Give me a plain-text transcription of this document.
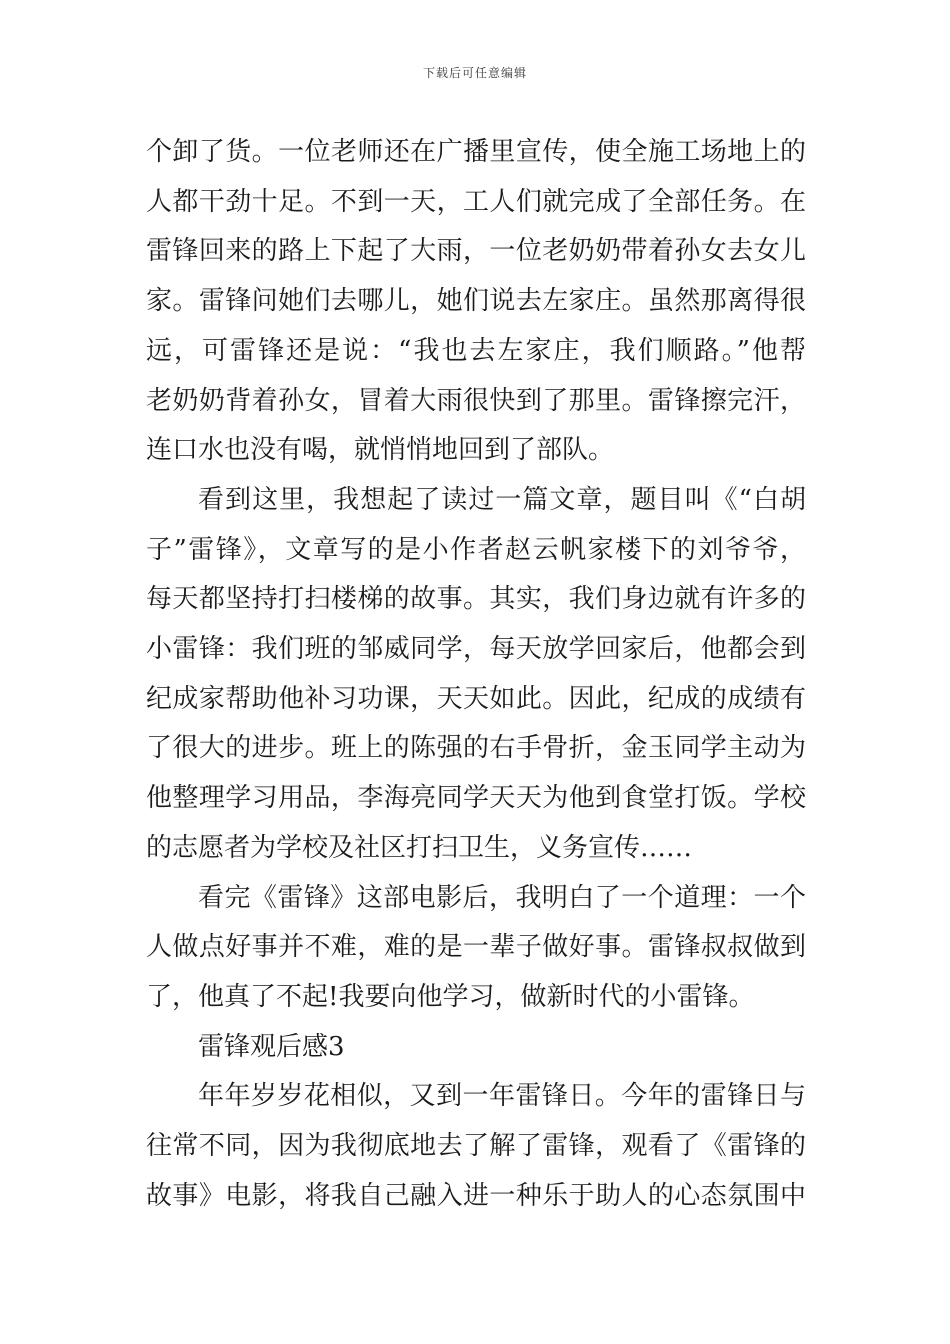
下载后可任意编辑
个卸了货。一位老师还在广播里宣传，使全施工场地上的
人都干劲十足。不到一天，工人们就完成了全部任务。在
雷锋回来的路上下起了大雨，一位老奶奶带着孙女去女儿
家。雷锋问她们去哪儿，她们说去左家庄。虽然那离得很
远，可雷锋还是说：“我也去左家庄，我们顺路。”他帮
老奶奶背着孙女，冒着大雨很快到了那里。雷锋擦完汗，
连口水也没有喝，就悄悄地回到了部队。
看到这里，我想起了读过一篇文章，题目叫《“白胡
子”雷锋》，文章写的是小作者赵云帆家楼下的刘爷爷，
每天都坚持打扫楼梯的故事。其实，我们身边就有许多的
小雷锋：我们班的邹威同学，每天放学回家后，他都会到
纪成家帮助他补习功课，天天如此。因此，纪成的成绩有
了很大的进步。班上的陈强的右手骨折，金玉同学主动为
他整理学习用品，李海亮同学天天为他到食堂打饭。学校
的志愿者为学校及社区打扫卫生，义务宣传……
看完《雷锋》这部电影后，我明白了一个道理：一个
人做点好事并不难，难的是一辈子做好事。雷锋叔叔做到
了，他真了不起!我要向他学习，做新时代的小雷锋。
雷锋观后感3
年年岁岁花相似，又到一年雷锋日。今年的雷锋日与
往常不同，因为我彻底地去了解了雷锋，观看了《雷锋的
故事》电影，将我自己融入进一种乐于助人的心态氛围中
